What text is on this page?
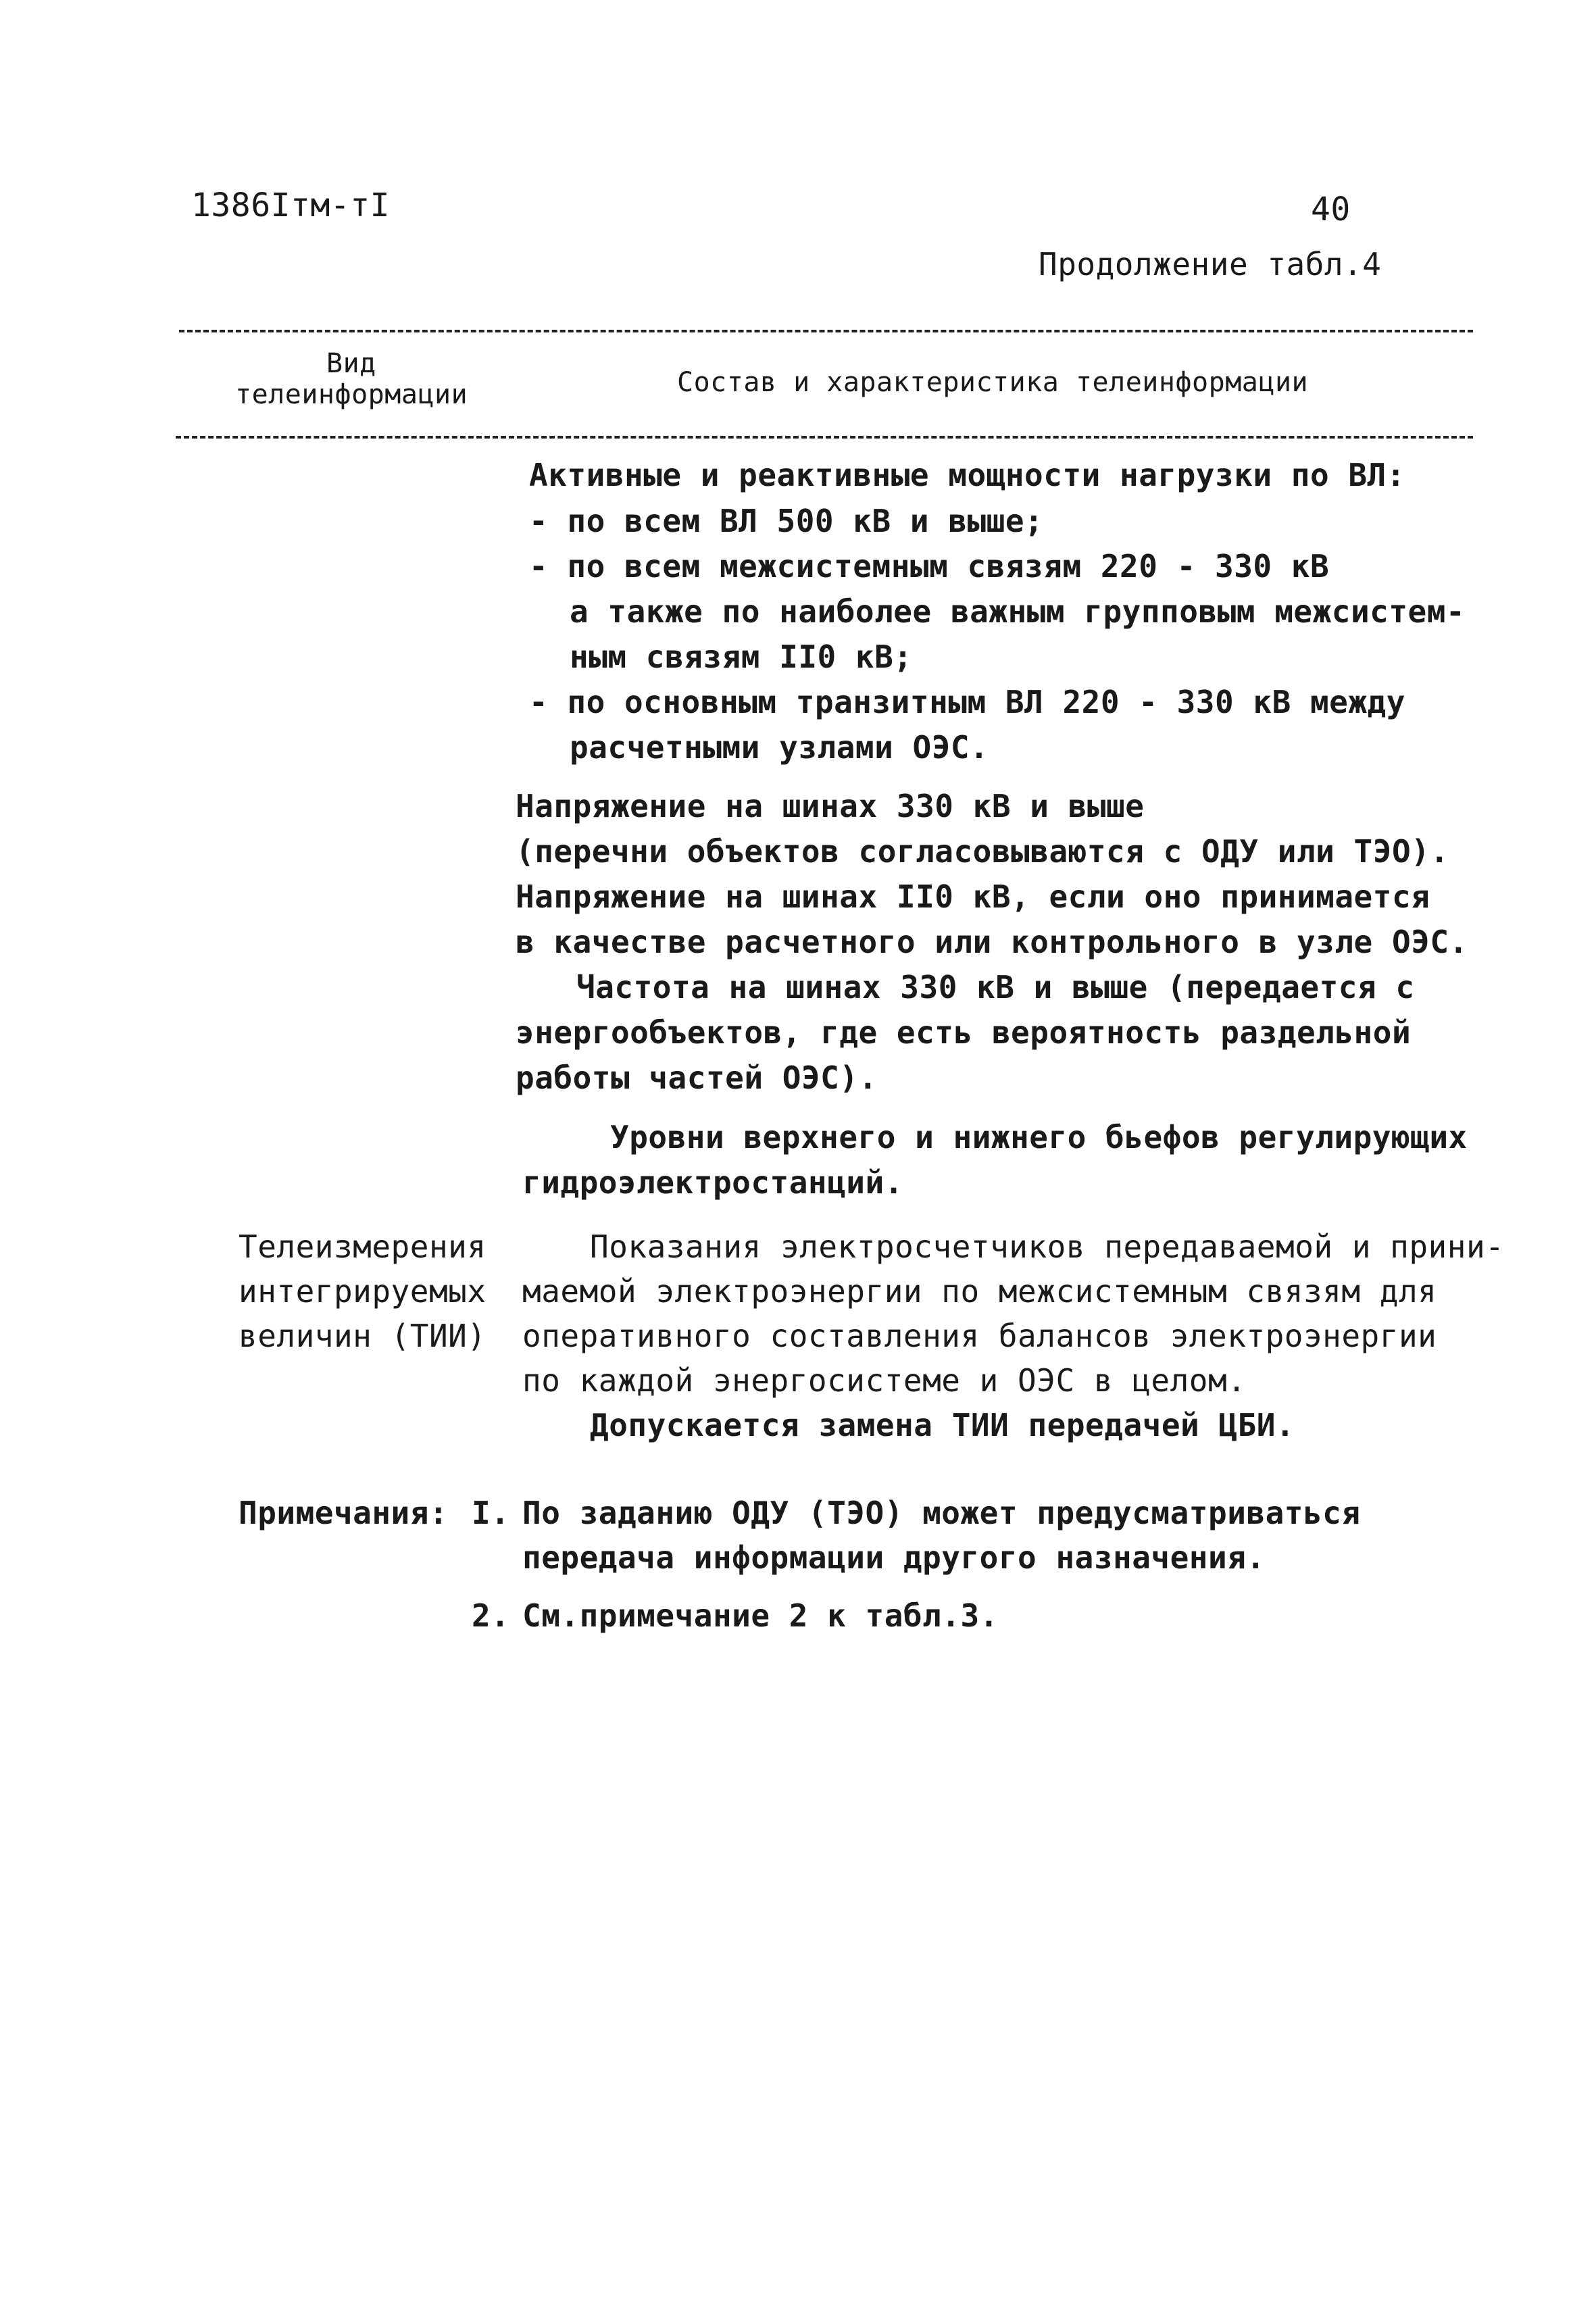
1386Iтм-тI	40
Продолжение табл.4
Вид
телеинформации	Состав и характеристика телеинформации
Активные и реактивные мощности нагрузки по ВЛ:
- по всем ВЛ 500 кВ и выше;
- по всем межсистемным связям 220 - 330 кВ
а также по наиболее важным групповым межсистем-
ным связям II0 кВ;
- по основным транзитным ВЛ 220 - 330 кВ между
расчетными узлами ОЭС.
Напряжение на шинах 330 кВ и выше
(перечни объектов согласовываются с ОДУ или ТЭО).
Напряжение на шинах II0 кВ, если оно принимается
в качестве расчетного или контрольного в узле ОЭС.
Частота на шинах 330 кВ и выше (передается с
энергообъектов, где есть вероятность раздельной
работы частей ОЭС).
Уровни верхнего и нижнего бьефов регулирующих
гидроэлектростанций.
Телеизмерения
интегрируемых
величин (ТИИ)
Показания электросчетчиков передаваемой и прини-
маемой электроэнергии по межсистемным связям для
оперативного составления балансов электроэнергии
по каждой энергосистеме и ОЭС в целом.
Допускается замена ТИИ передачей ЦБИ.
Примечания: I. По заданию ОДУ (ТЭО) может предусматриваться
передача информации другого назначения.
2. См.примечание 2 к табл.3.
